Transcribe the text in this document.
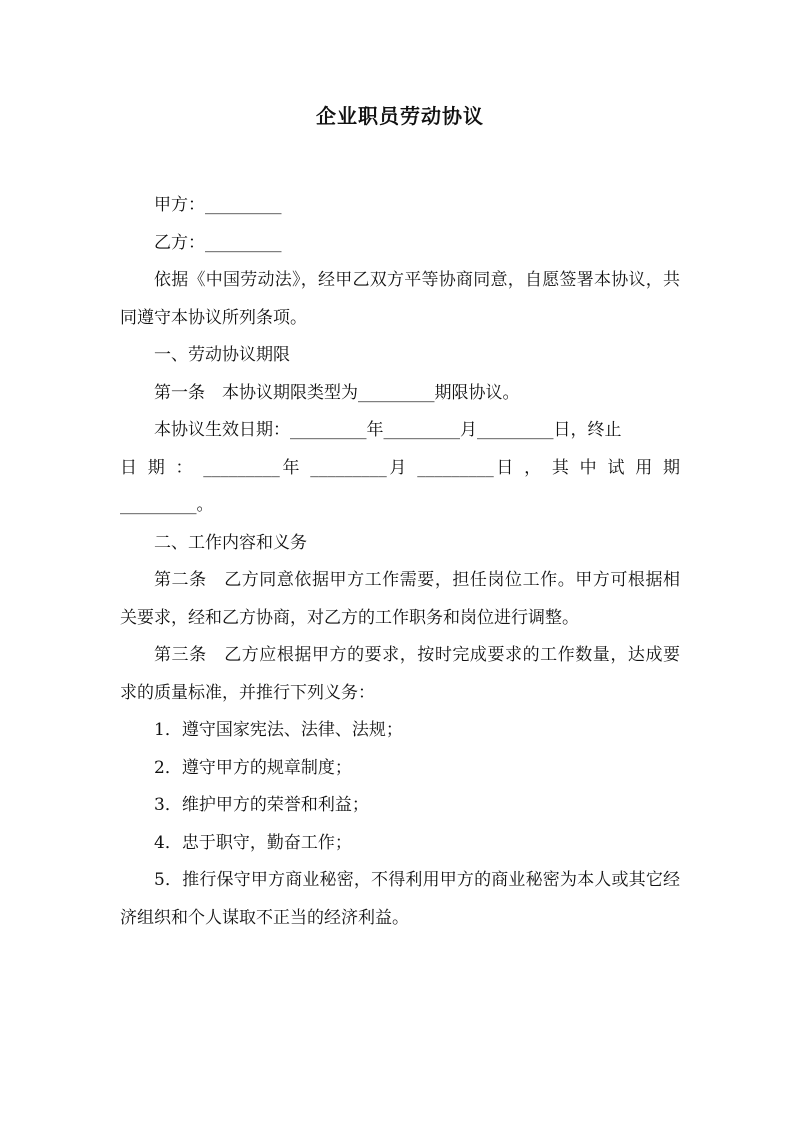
企业职员劳动协议

甲方：_________

乙方：_________

依据《中国劳动法》，经甲乙双方平等协商同意，自愿签署本协议，共同遵守本协议所列条项。

一、劳动协议期限

第一条　本协议期限类型为_________期限协议。

本协议生效日期：_________年_________月_________日，终止

日 期 ： _________年 _________月 _________日 ， 其 中 试 用 期

_________。

二、工作内容和义务

第二条　乙方同意依据甲方工作需要，担任岗位工作。甲方可根据相关要求，经和乙方协商，对乙方的工作职务和岗位进行调整。

第三条　乙方应根据甲方的要求，按时完成要求的工作数量，达成要求的质量标准，并推行下列义务：

1．遵守国家宪法、法律、法规；

2．遵守甲方的规章制度；

3．维护甲方的荣誉和利益；

4．忠于职守，勤奋工作；

5．推行保守甲方商业秘密，不得利用甲方的商业秘密为本人或其它经济组织和个人谋取不正当的经济利益。
